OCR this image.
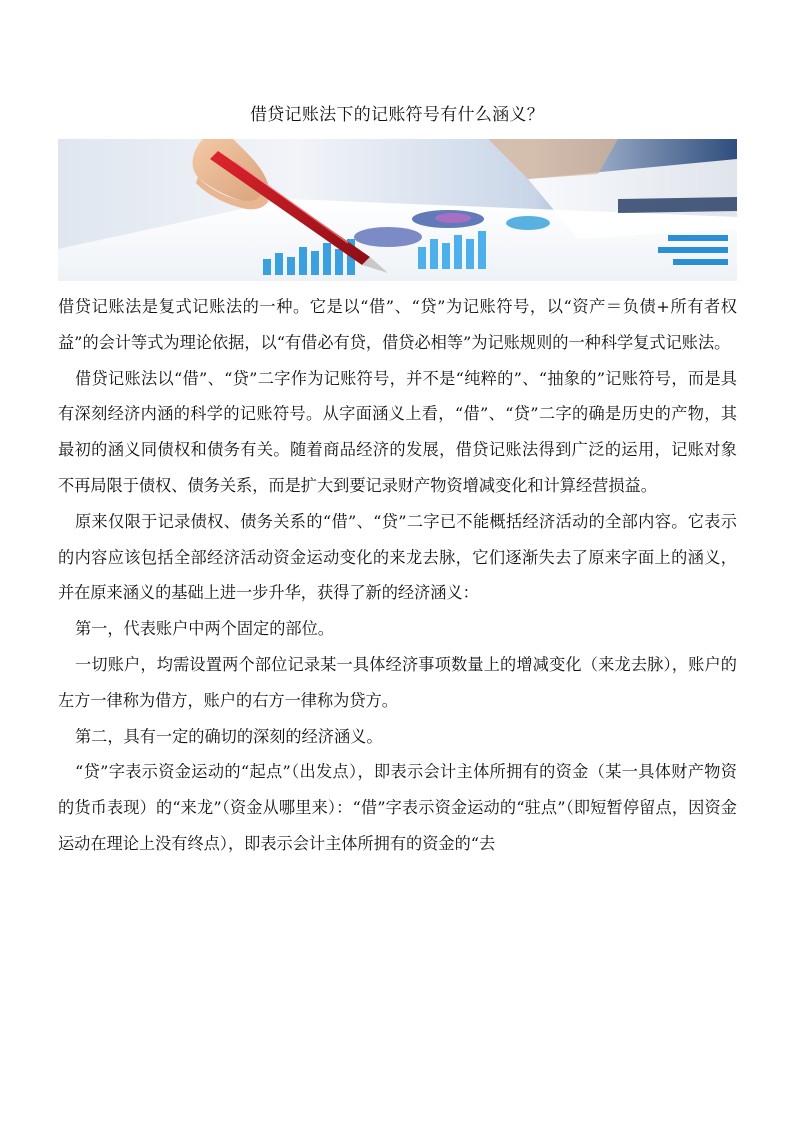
借贷记账法下的记账符号有什么涵义？

借贷记账法是复式记账法的一种。它是以“借”、“贷”为记账符号，以“资产＝负债+所有者权益”的会计等式为理论依据，以“有借必有贷，借贷必相等”为记账规则的一种科学复式记账法。

借贷记账法以“借”、“贷”二字作为记账符号，并不是“纯粹的”、“抽象的”记账符号，而是具有深刻经济内涵的科学的记账符号。从字面涵义上看，“借”、“贷”二字的确是历史的产物，其最初的涵义同债权和债务有关。随着商品经济的发展，借贷记账法得到广泛的运用，记账对象不再局限于债权、债务关系，而是扩大到要记录财产物资增减变化和计算经营损益。

原来仅限于记录债权、债务关系的“借”、“贷”二字已不能概括经济活动的全部内容。它表示的内容应该包括全部经济活动资金运动变化的来龙去脉，它们逐渐失去了原来字面上的涵义，并在原来涵义的基础上进一步升华，获得了新的经济涵义：

第一，代表账户中两个固定的部位。

一切账户，均需设置两个部位记录某一具体经济事项数量上的增减变化（来龙去脉），账户的左方一律称为借方，账户的右方一律称为贷方。

第二，具有一定的确切的深刻的经济涵义。

“贷”字表示资金运动的“起点”（出发点），即表示会计主体所拥有的资金（某一具体财产物资的货币表现）的“来龙”（资金从哪里来）：“借”字表示资金运动的“驻点”（即短暂停留点，因资金运动在理论上没有终点），即表示会计主体所拥有的资金的“去
